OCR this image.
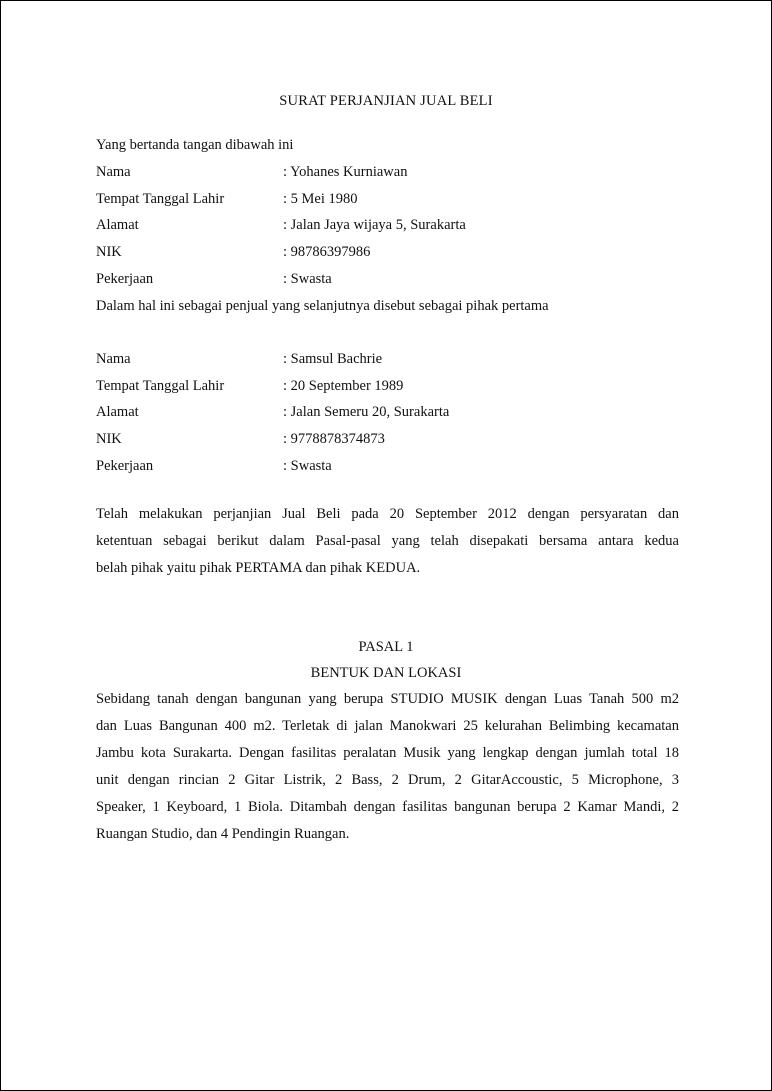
SURAT PERJANJIAN JUAL BELI
Yang bertanda tangan dibawah ini
Nama	: Yohanes Kurniawan
Tempat Tanggal Lahir	: 5 Mei 1980
Alamat	: Jalan Jaya wijaya 5, Surakarta
NIK	: 98786397986
Pekerjaan	: Swasta
Dalam hal ini sebagai penjual yang selanjutnya disebut sebagai pihak pertama
Nama	: Samsul Bachrie
Tempat Tanggal Lahir	: 20 September 1989
Alamat	: Jalan Semeru 20, Surakarta
NIK	: 9778878374873
Pekerjaan	: Swasta
Telah melakukan perjanjian Jual Beli pada 20 September 2012 dengan persyaratan dan
ketentuan sebagai berikut dalam Pasal-pasal yang telah disepakati bersama antara kedua
belah pihak yaitu pihak PERTAMA dan pihak KEDUA.
PASAL 1
BENTUK DAN LOKASI
Sebidang tanah dengan bangunan yang berupa STUDIO MUSIK dengan Luas Tanah 500 m2
dan Luas Bangunan 400 m2. Terletak di jalan Manokwari 25 kelurahan Belimbing kecamatan
Jambu kota Surakarta. Dengan fasilitas peralatan Musik yang lengkap dengan jumlah total 18
unit dengan rincian 2 Gitar Listrik, 2 Bass, 2 Drum, 2 GitarAccoustic, 5 Microphone, 3
Speaker, 1 Keyboard, 1 Biola. Ditambah dengan fasilitas bangunan berupa 2 Kamar Mandi, 2
Ruangan Studio, dan 4 Pendingin Ruangan.
